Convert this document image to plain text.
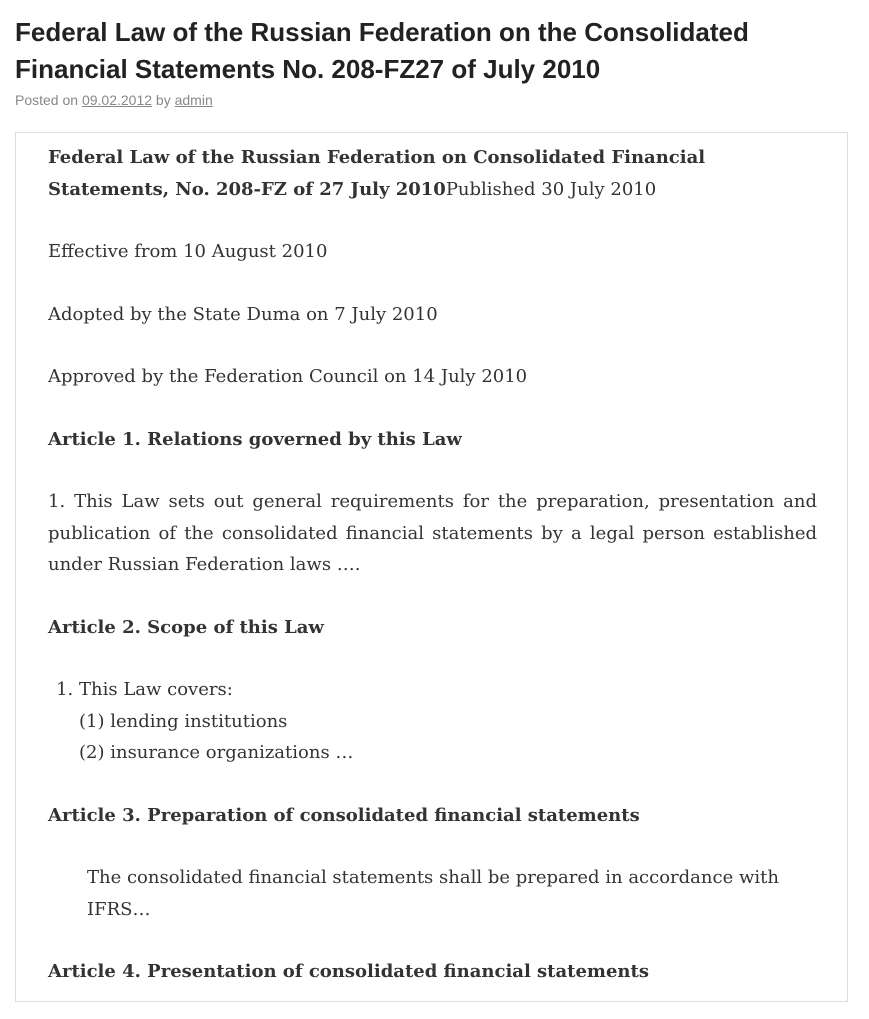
Federal Law of the Russian Federation on the Consolidated Financial Statements No. 208-FZ27 of July 2010
Posted on 09.02.2012 by admin

Federal Law of the Russian Federation on Consolidated Financial Statements, No. 208-FZ of 27 July 2010Published 30 July 2010

Effective from 10 August 2010

Adopted by the State Duma on 7 July 2010

Approved by the Federation Council on 14 July 2010

Article 1. Relations governed by this Law

1. This Law sets out general requirements for the preparation, presentation and publication of the consolidated financial statements by a legal person established under Russian Federation laws ….

Article 2. Scope of this Law

1. This Law covers:
(1) lending institutions
(2) insurance organizations …

Article 3. Preparation of consolidated financial statements

The consolidated financial statements shall be prepared in accordance with IFRS…

Article 4. Presentation of consolidated financial statements
